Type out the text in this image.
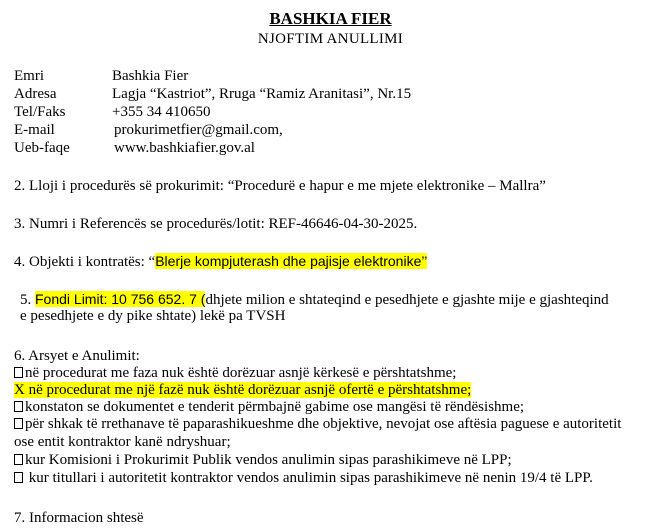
BASHKIA FIER
NJOFTIM ANULLIMI
Emri	Bashkia Fier
Adresa	Lagja “Kastriot”, Rruga “Ramiz Aranitasi”, Nr.15
Tel/Faks	+355 34 410650
E-mail	prokurimetfier@gmail.com,
Ueb-faqe	www.bashkiafier.gov.al
2. Lloji i procedurës së prokurimit: “Procedurë e hapur e me mjete elektronike – Mallra”
3. Numri i Referencës se procedurës/lotit: REF-46646-04-30-2025.
4. Objekti i kontratës: “Blerje kompjuterash dhe pajisje elektronike’’
5. Fondi Limit: 10 756 652. 7 (dhjete milion e shtateqind e pesedhjete e gjashte mije e gjashteqind
e pesedhjete e dy pike shtate) lekë pa TVSH
6. Arsyet e Anulimit:
në procedurat me faza nuk është dorëzuar asnjë kërkesë e përshtatshme;
X në procedurat me një fazë nuk është dorëzuar asnjë ofertë e përshtatshme;
konstaton se dokumentet e tenderit përmbajnë gabime ose mangësi të rëndësishme;
për shkak të rrethanave të paparashikueshme dhe objektive, nevojat ose aftësia paguese e autoritetit
ose entit kontraktor kanë ndryshuar;
kur Komisioni i Prokurimit Publik vendos anulimin sipas parashikimeve në LPP;
kur titullari i autoritetit kontraktor vendos anulimin sipas parashikimeve në nenin 19/4 të LPP.
7. Informacion shtesë
